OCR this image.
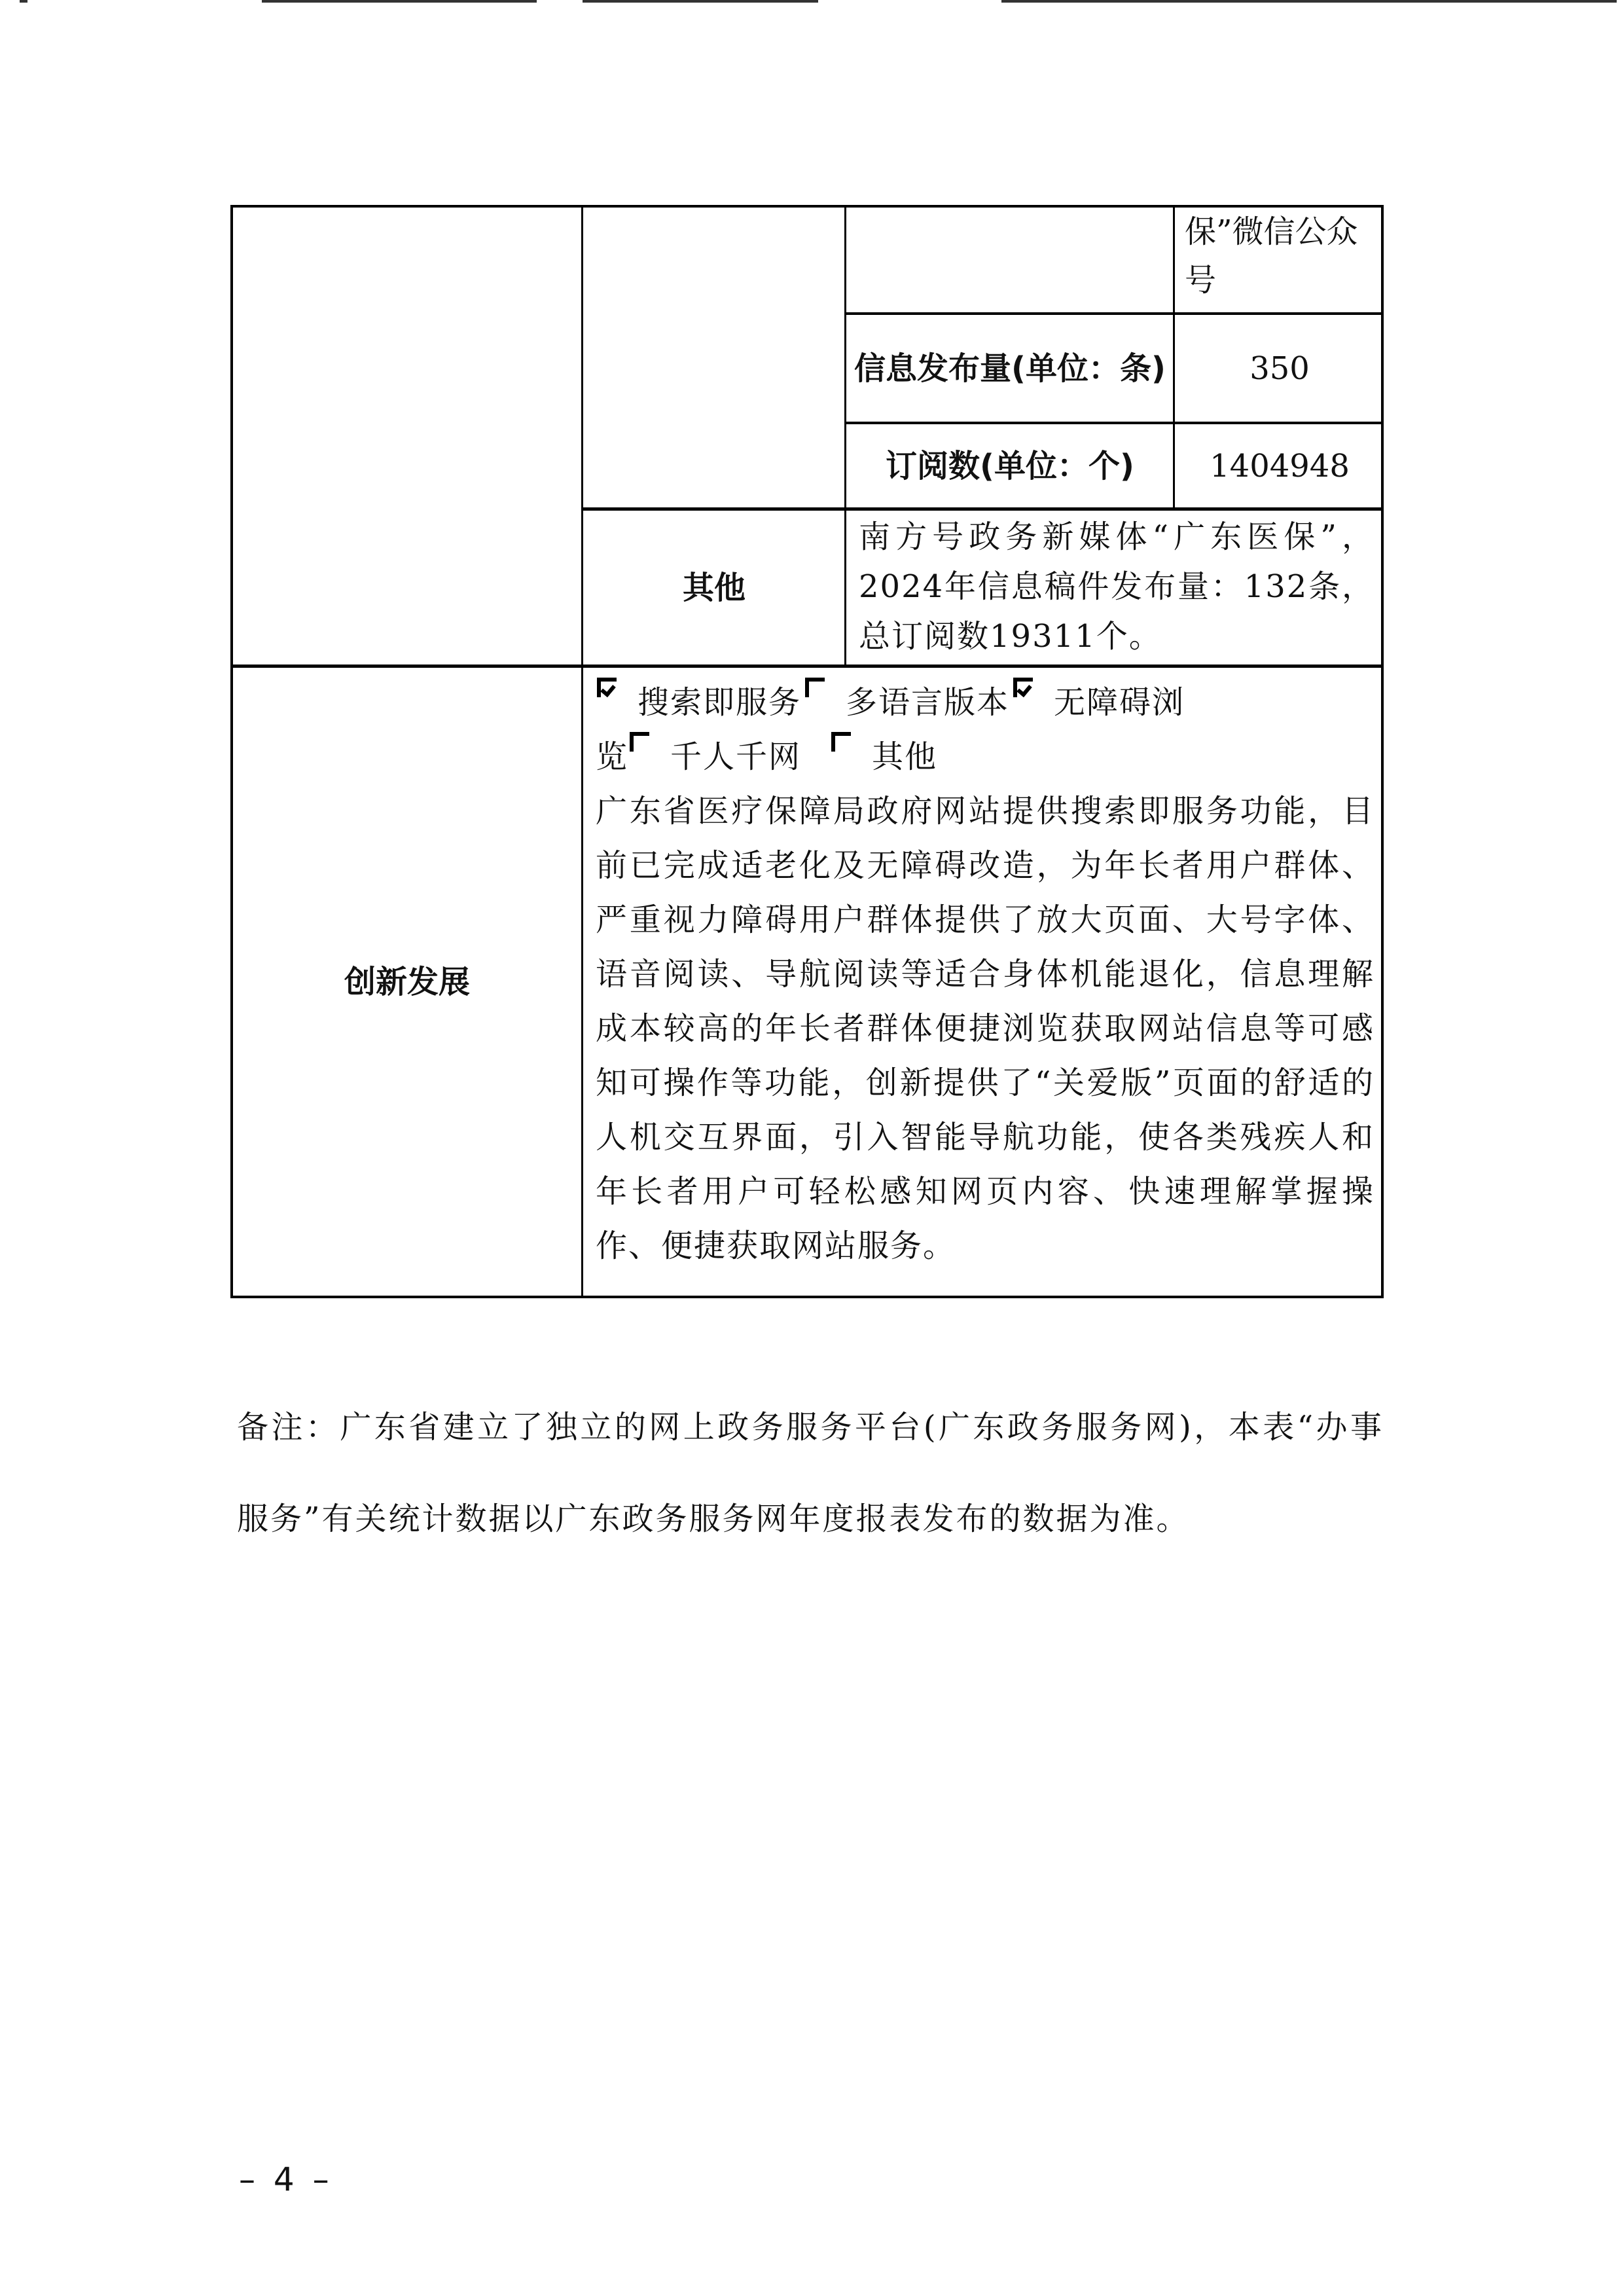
保”微信公众号
信息发布量(单位：条)	350
订阅数(单位：个) 1404948
其他
南方号政务新媒体“广东医保”，2024年信息稿件发布量：132条，总订阅数19311个。
创新发展
搜索即服务 多语言版本 无障碍浏
览 千人千网 其他
广东省医疗保障局政府网站提供搜索即服务功能，目前已完成适老化及无障碍改造，为年长者用户群体、严重视力障碍用户群体提供了放大页面、大号字体、语音阅读、导航阅读等适合身体机能退化，信息理解成本较高的年长者群体便捷浏览获取网站信息等可感知可操作等功能，创新提供了“关爱版”页面的舒适的人机交互界面，引入智能导航功能，使各类残疾人和年长者用户可轻松感知网页内容、快速理解掌握操作、便捷获取网站服务。
备注：广东省建立了独立的网上政务服务平台(广东政务服务网)，本表“办事服务”有关统计数据以广东政务服务网年度报表发布的数据为准。
– 4 –
